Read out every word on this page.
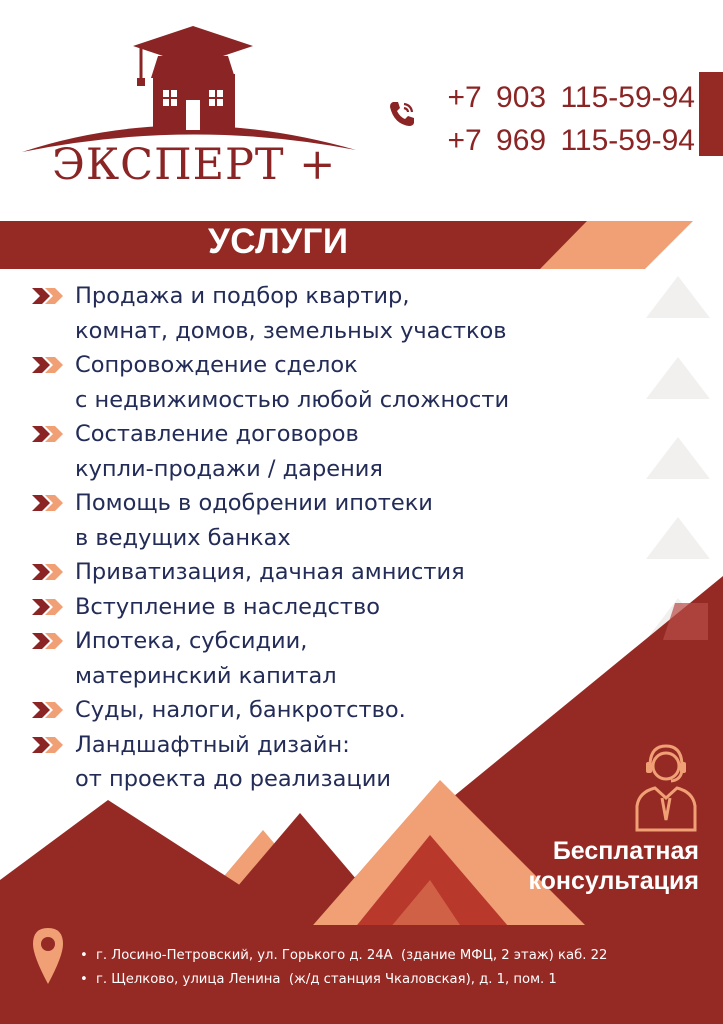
ЭКСПЕРТ +
+7 903 115-59-94
+7 969 115-59-94
УСЛУГИ
Продажа и подбор квартир,
комнат, домов, земельных участков
Сопровождение сделок
с недвижимостью любой сложности
Составление договоров
купли-продажи / дарения
Помощь в одобрении ипотеки
в ведущих банках
Приватизация, дачная амнистия
Вступление в наследство
Ипотека, субсидии,
материнский капитал
Суды, налоги, банкротство.
Ландшафтный дизайн:
от проекта до реализации
Бесплатная
консультация
• г. Лосино-Петровский, ул. Горького д. 24А  (здание МФЦ, 2 этаж) каб. 22
• г. Щелково, улица Ленина  (ж/д станция Чкаловская), д. 1, пом. 1
